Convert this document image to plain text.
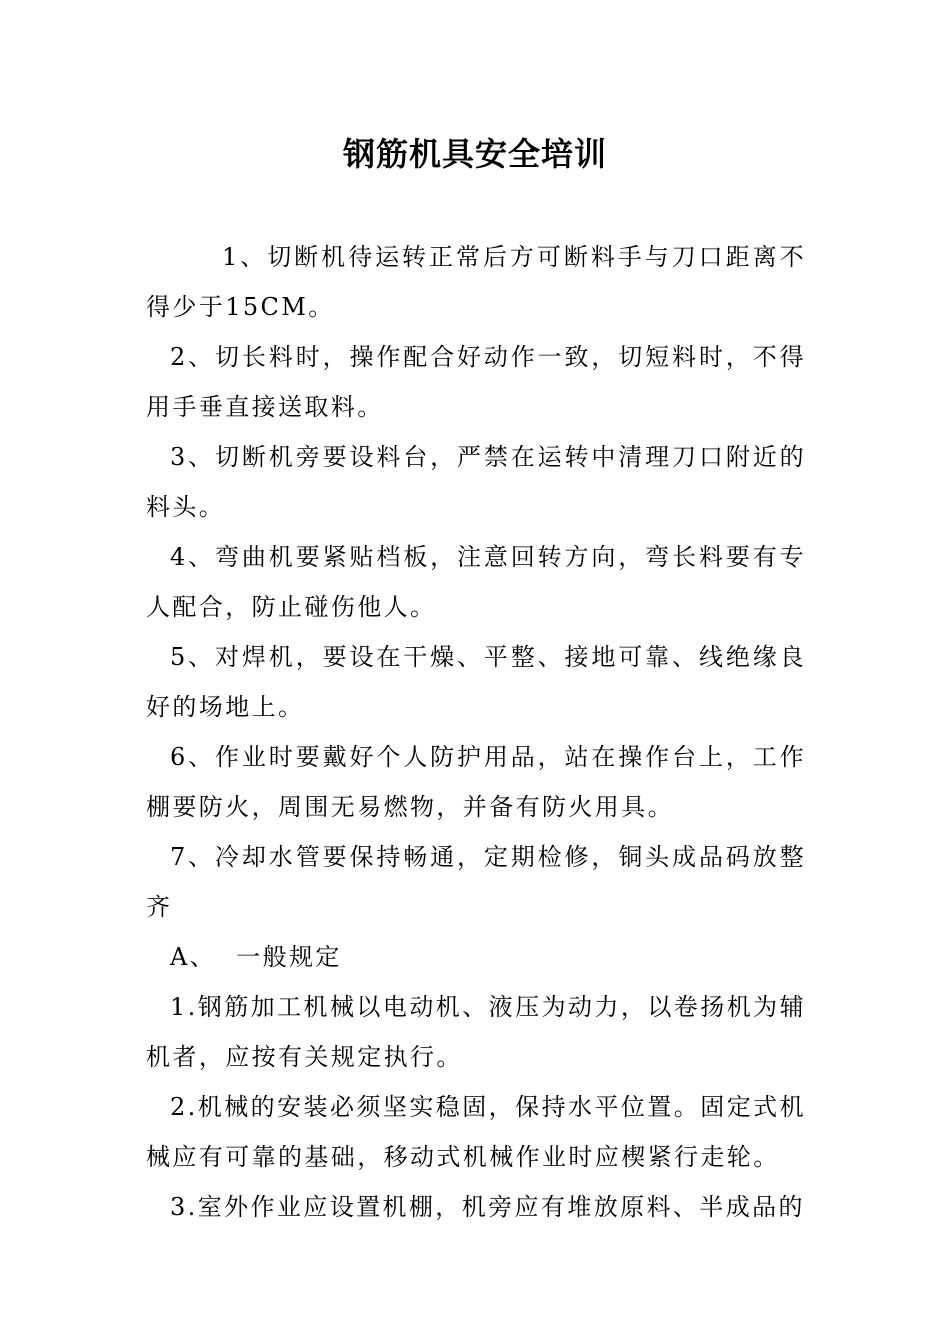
钢筋机具安全培训

1、切断机待运转正常后方可断料手与刀口距离不得少于15CM。

2、切长料时，操作配合好动作一致，切短料时，不得用手垂直接送取料。

3、切断机旁要设料台，严禁在运转中清理刀口附近的料头。

4、弯曲机要紧贴档板，注意回转方向，弯长料要有专人配合，防止碰伤他人。

5、对焊机，要设在干燥、平整、接地可靠、线绝缘良好的场地上。

6、作业时要戴好个人防护用品，站在操作台上，工作棚要防火，周围无易燃物，并备有防火用具。

7、冷却水管要保持畅通，定期检修，铜头成品码放整齐

A、  一般规定

1.钢筋加工机械以电动机、液压为动力，以卷扬机为辅机者，应按有关规定执行。

2.机械的安装必须坚实稳固，保持水平位置。固定式机械应有可靠的基础，移动式机械作业时应楔紧行走轮。

3.室外作业应设置机棚，机旁应有堆放原料、半成品的
